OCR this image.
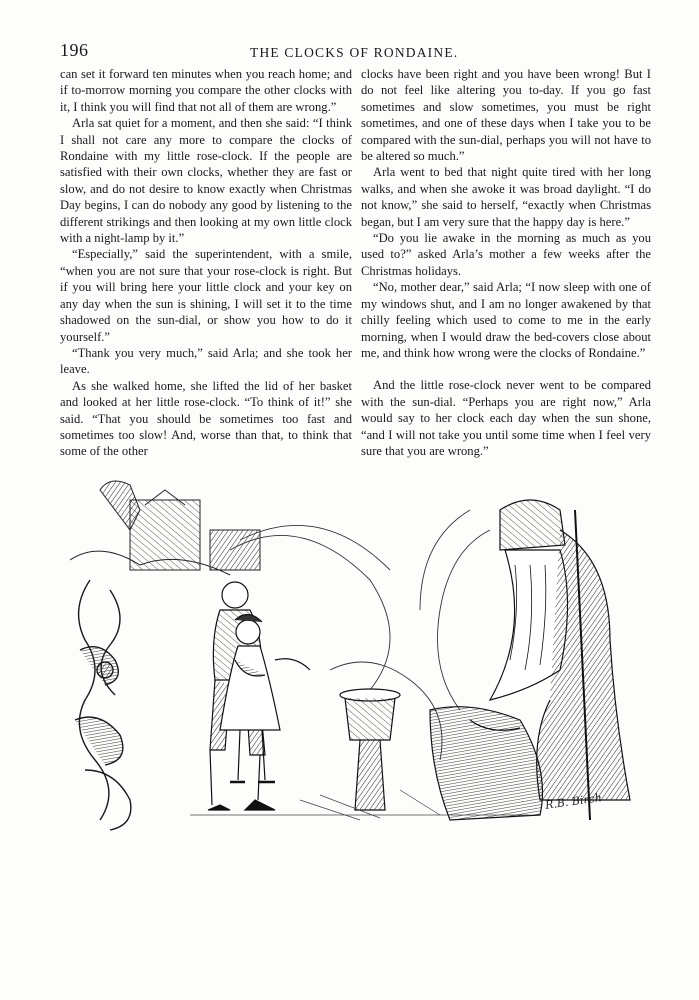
196	THE CLOCKS OF RONDAINE.

can set it forward ten minutes when you reach home; and if to-morrow morning you compare the other clocks with it, I think you will find that not all of them are wrong.”

Arla sat quiet for a moment, and then she said: “I think I shall not care any more to compare the clocks of Rondaine with my little rose-clock. If the people are satisfied with their own clocks, whether they are fast or slow, and do not desire to know exactly when Christmas Day begins, I can do nobody any good by listening to the different strikings and then looking at my own little clock with a night-lamp by it.”

“Especially,” said the superintendent, with a smile, “when you are not sure that your rose-clock is right. But if you will bring here your little clock and your key on any day when the sun is shining, I will set it to the time shadowed on the sun-dial, or show you how to do it yourself.”

“Thank you very much,” said Arla; and she took her leave.

As she walked home, she lifted the lid of her basket and looked at her little rose-clock. “To think of it!” she said. “That you should be sometimes too fast and sometimes too slow! And, worse than that, to think that some of the other

clocks have been right and you have been wrong! But I do not feel like altering you to-day. If you go fast sometimes and slow sometimes, you must be right sometimes, and one of these days when I take you to be compared with the sun-dial, perhaps you will not have to be altered so much.”

Arla went to bed that night quite tired with her long walks, and when she awoke it was broad daylight. “I do not know,” she said to herself, “exactly when Christmas began, but I am very sure that the happy day is here.”

“Do you lie awake in the morning as much as you used to?” asked Arla’s mother a few weeks after the Christmas holidays.

“No, mother dear,” said Arla; “I now sleep with one of my windows shut, and I am no longer awakened by that chilly feeling which used to come to me in the early morning, when I would draw the bed-covers close about me, and think how wrong were the clocks of Rondaine.”

And the little rose-clock never went to be compared with the sun-dial. “Perhaps you are right now,” Arla would say to her clock each day when the sun shone, “and I will not take you until some time when I feel very sure that you are wrong.”

R.B. Birch
